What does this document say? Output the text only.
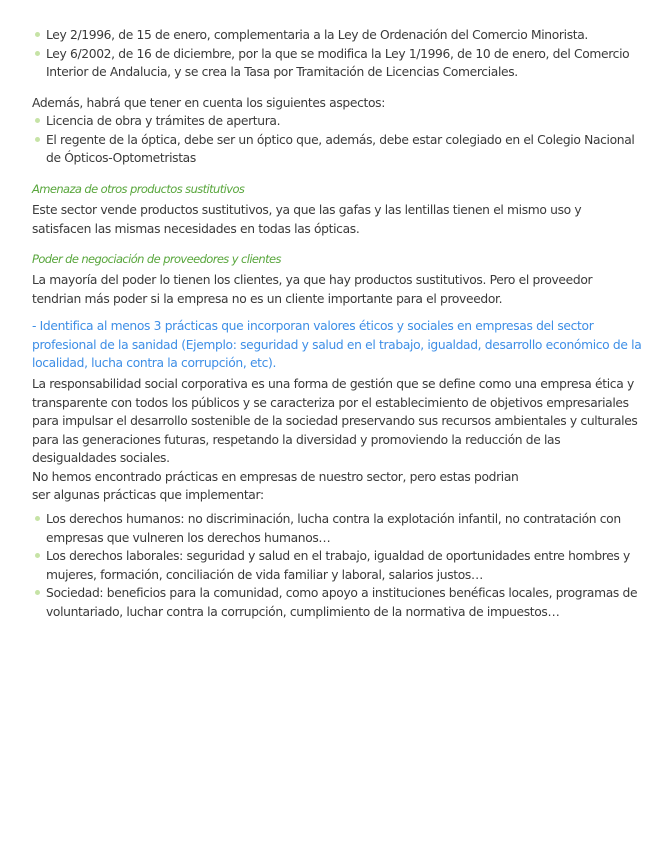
Ley 2/1996, de 15 de enero, complementaria a la Ley de Ordenación del Comercio Minorista.
Ley 6/2002, de 16 de diciembre, por la que se modifica la Ley 1/1996, de 10 de enero, del Comercio Interior de Andalucia, y se crea la Tasa por Tramitación de Licencias Comerciales.

Además, habrá que tener en cuenta los siguientes aspectos:

Licencia de obra y trámites de apertura.
El regente de la óptica, debe ser un óptico que, además, debe estar colegiado en el Colegio Nacional de Ópticos-Optometristas

Amenaza de otros productos sustitutivos

Este sector vende productos sustitutivos, ya que las gafas y las lentillas tienen el mismo uso y satisfacen las mismas necesidades en todas las ópticas.

Poder de negociación de proveedores y clientes

La mayoría del poder lo tienen los clientes, ya que hay productos sustitutivos. Pero el proveedor tendrian más poder si la empresa no es un cliente importante para el proveedor.

- Identifica al menos 3 prácticas que incorporan valores éticos y sociales en empresas del sector profesional de la sanidad (Ejemplo: seguridad y salud en el trabajo, igualdad, desarrollo económico de la localidad, lucha contra la corrupción, etc).

La responsabilidad social corporativa es una forma de gestión que se define como una empresa ética y transparente con todos los públicos y se caracteriza por el establecimiento de objetivos empresariales para impulsar el desarrollo sostenible de la sociedad preservando sus recursos ambientales y culturales para las generaciones futuras, respetando la diversidad y promoviendo la reducción de las desigualdades sociales.

No hemos encontrado prácticas en empresas de nuestro sector, pero estas podrian

ser algunas prácticas que implementar:

Los derechos humanos: no discriminación, lucha contra la explotación infantil, no contratación con empresas que vulneren los derechos humanos…
Los derechos laborales: seguridad y salud en el trabajo, igualdad de oportunidades entre hombres y mujeres, formación, conciliación de vida familiar y laboral, salarios justos…
Sociedad: beneficios para la comunidad, como apoyo a instituciones benéficas locales, programas de voluntariado, luchar contra la corrupción, cumplimiento de la normativa de impuestos…
